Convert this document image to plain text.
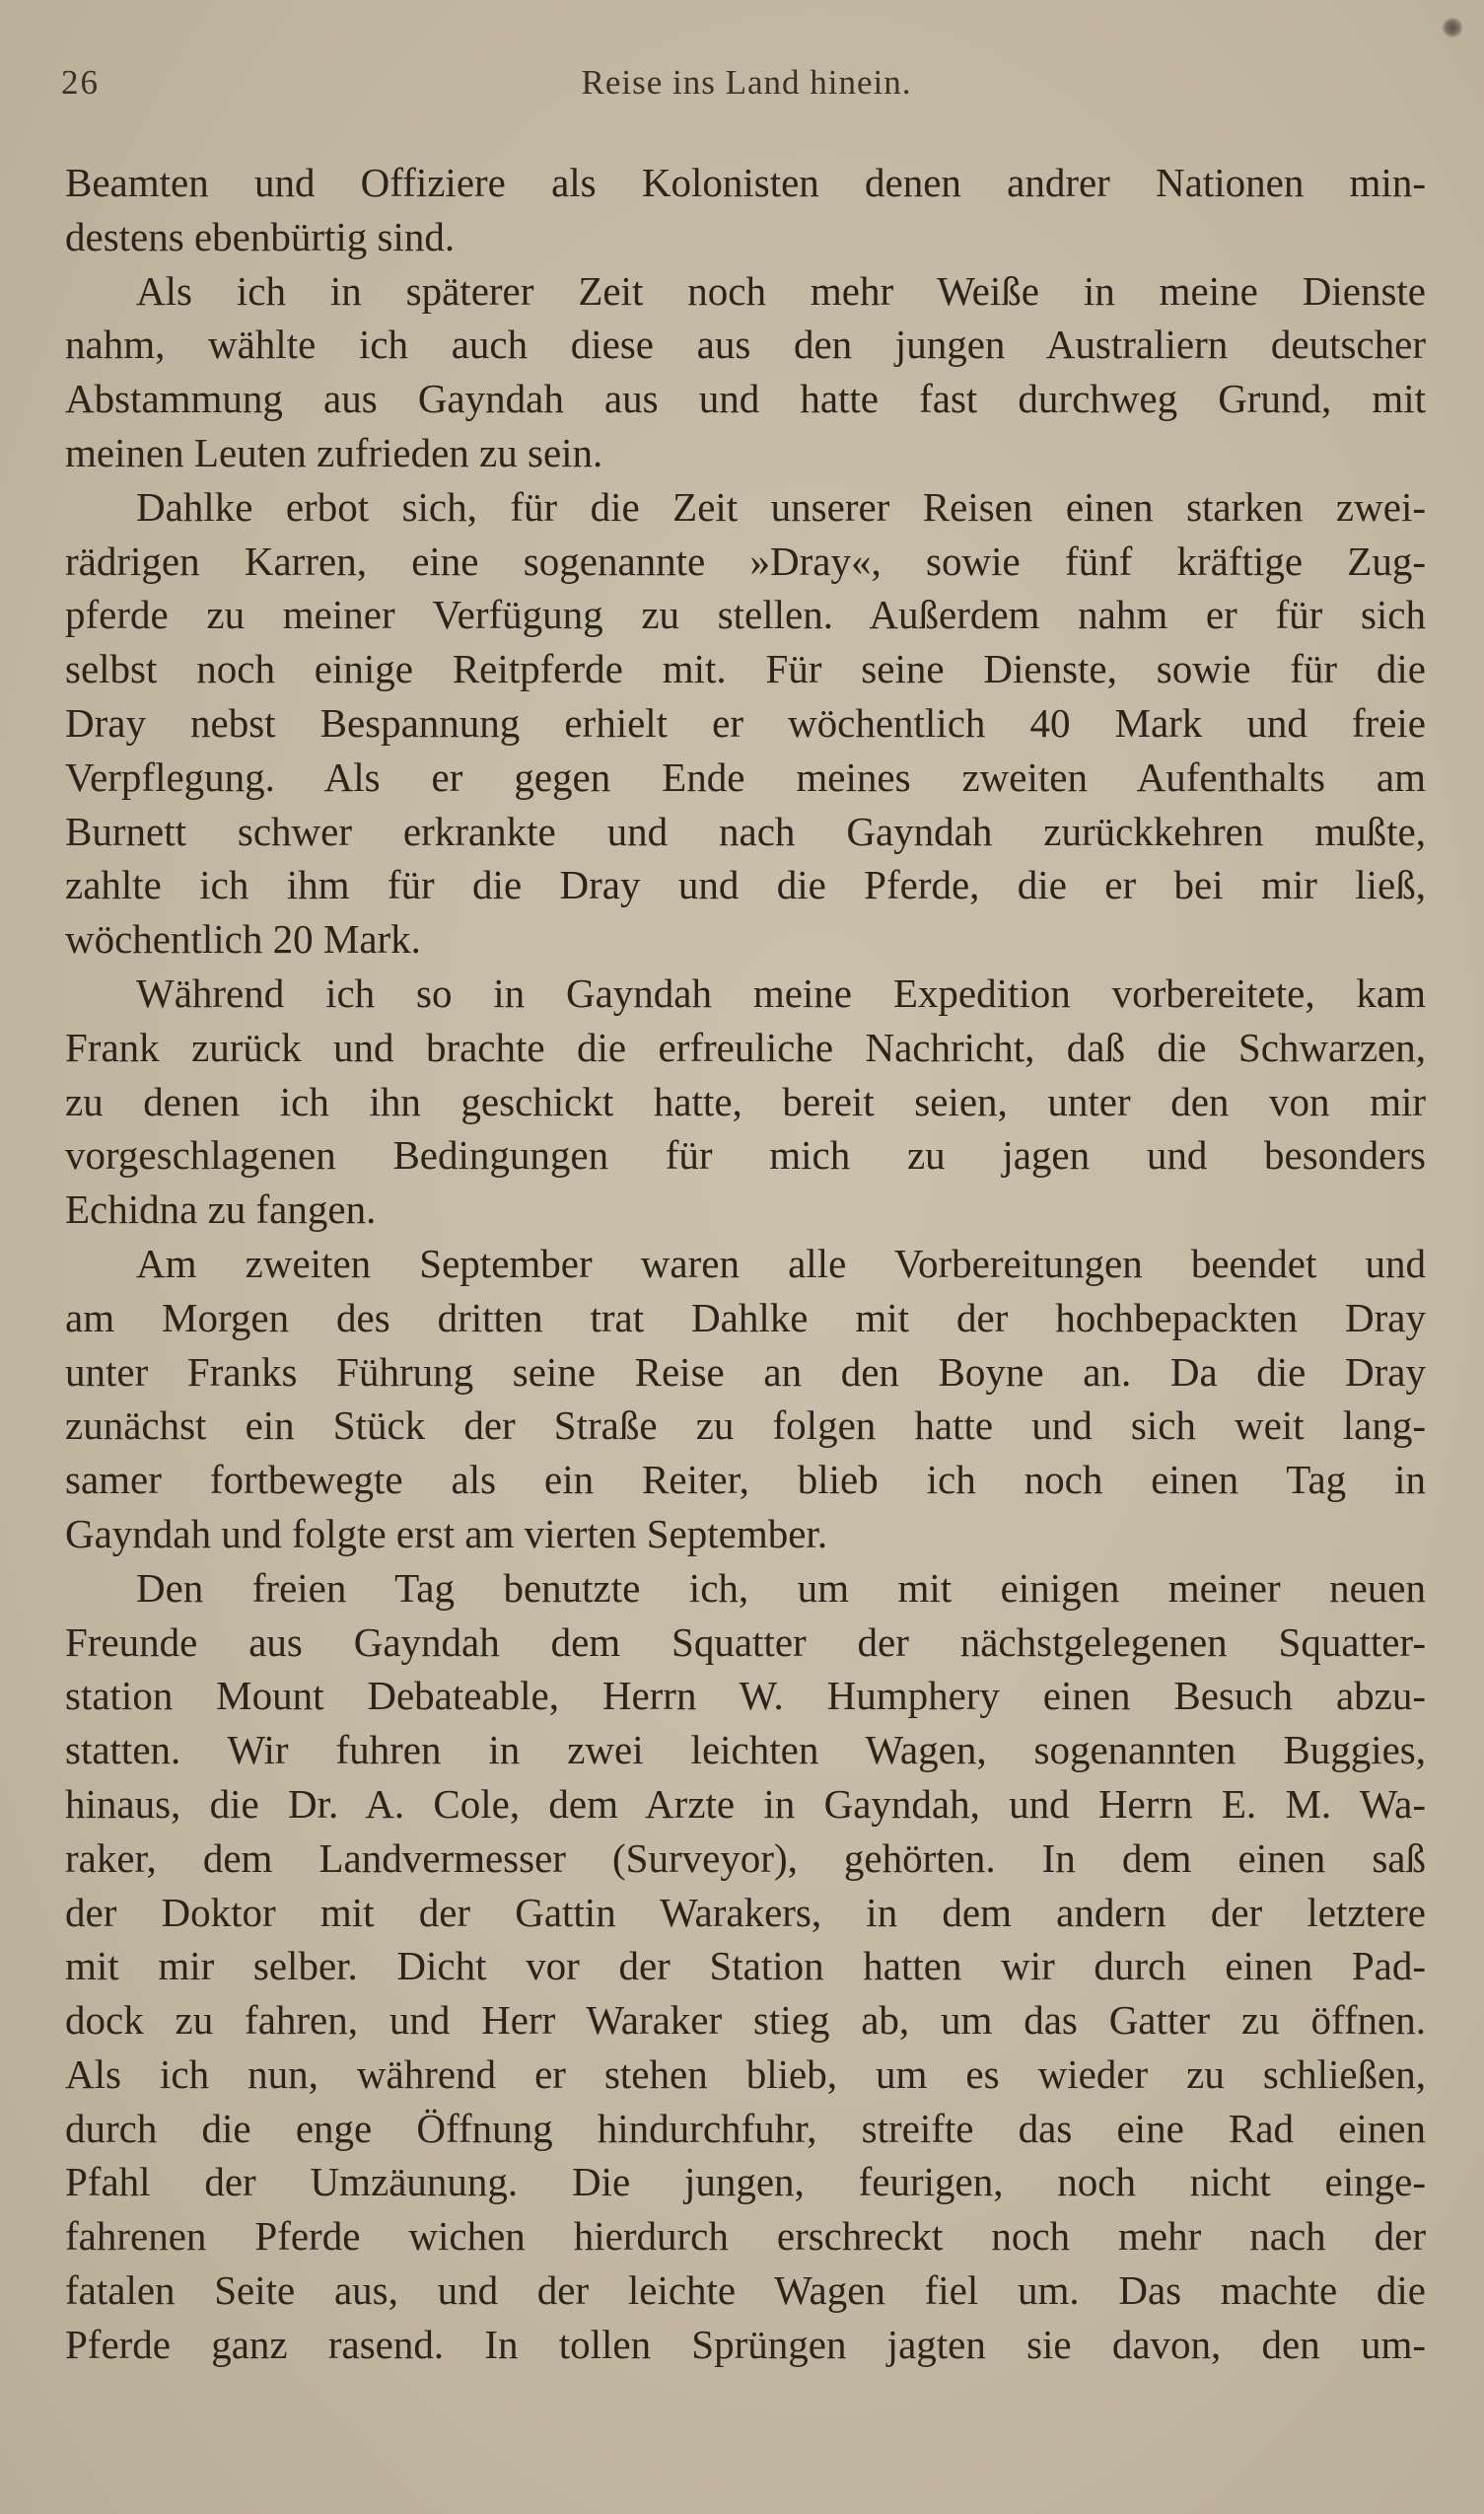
26	Reise ins Land hinein.
Beamten und Offiziere als Kolonisten denen andrer Nationen min-
destens ebenbürtig sind.
Als ich in späterer Zeit noch mehr Weiße in meine Dienste
nahm, wählte ich auch diese aus den jungen Australiern deutscher
Abstammung aus Gayndah aus und hatte fast durchweg Grund, mit
meinen Leuten zufrieden zu sein.
Dahlke erbot sich, für die Zeit unserer Reisen einen starken zwei-
rädrigen Karren, eine sogenannte »Dray«, sowie fünf kräftige Zug-
pferde zu meiner Verfügung zu stellen. Außerdem nahm er für sich
selbst noch einige Reitpferde mit. Für seine Dienste, sowie für die
Dray nebst Bespannung erhielt er wöchentlich 40 Mark und freie
Verpflegung. Als er gegen Ende meines zweiten Aufenthalts am
Burnett schwer erkrankte und nach Gayndah zurückkehren mußte,
zahlte ich ihm für die Dray und die Pferde, die er bei mir ließ,
wöchentlich 20 Mark.
Während ich so in Gayndah meine Expedition vorbereitete, kam
Frank zurück und brachte die erfreuliche Nachricht, daß die Schwarzen,
zu denen ich ihn geschickt hatte, bereit seien, unter den von mir
vorgeschlagenen Bedingungen für mich zu jagen und besonders
Echidna zu fangen.
Am zweiten September waren alle Vorbereitungen beendet und
am Morgen des dritten trat Dahlke mit der hochbepackten Dray
unter Franks Führung seine Reise an den Boyne an. Da die Dray
zunächst ein Stück der Straße zu folgen hatte und sich weit lang-
samer fortbewegte als ein Reiter, blieb ich noch einen Tag in
Gayndah und folgte erst am vierten September.
Den freien Tag benutzte ich, um mit einigen meiner neuen
Freunde aus Gayndah dem Squatter der nächstgelegenen Squatter-
station Mount Debateable, Herrn W. Humphery einen Besuch abzu-
statten. Wir fuhren in zwei leichten Wagen, sogenannten Buggies,
hinaus, die Dr. A. Cole, dem Arzte in Gayndah, und Herrn E. M. Wa-
raker, dem Landvermesser (Surveyor), gehörten. In dem einen saß
der Doktor mit der Gattin Warakers, in dem andern der letztere
mit mir selber. Dicht vor der Station hatten wir durch einen Pad-
dock zu fahren, und Herr Waraker stieg ab, um das Gatter zu öffnen.
Als ich nun, während er stehen blieb, um es wieder zu schließen,
durch die enge Öffnung hindurchfuhr, streifte das eine Rad einen
Pfahl der Umzäunung. Die jungen, feurigen, noch nicht einge-
fahrenen Pferde wichen hierdurch erschreckt noch mehr nach der
fatalen Seite aus, und der leichte Wagen fiel um. Das machte die
Pferde ganz rasend. In tollen Sprüngen jagten sie davon, den um-
